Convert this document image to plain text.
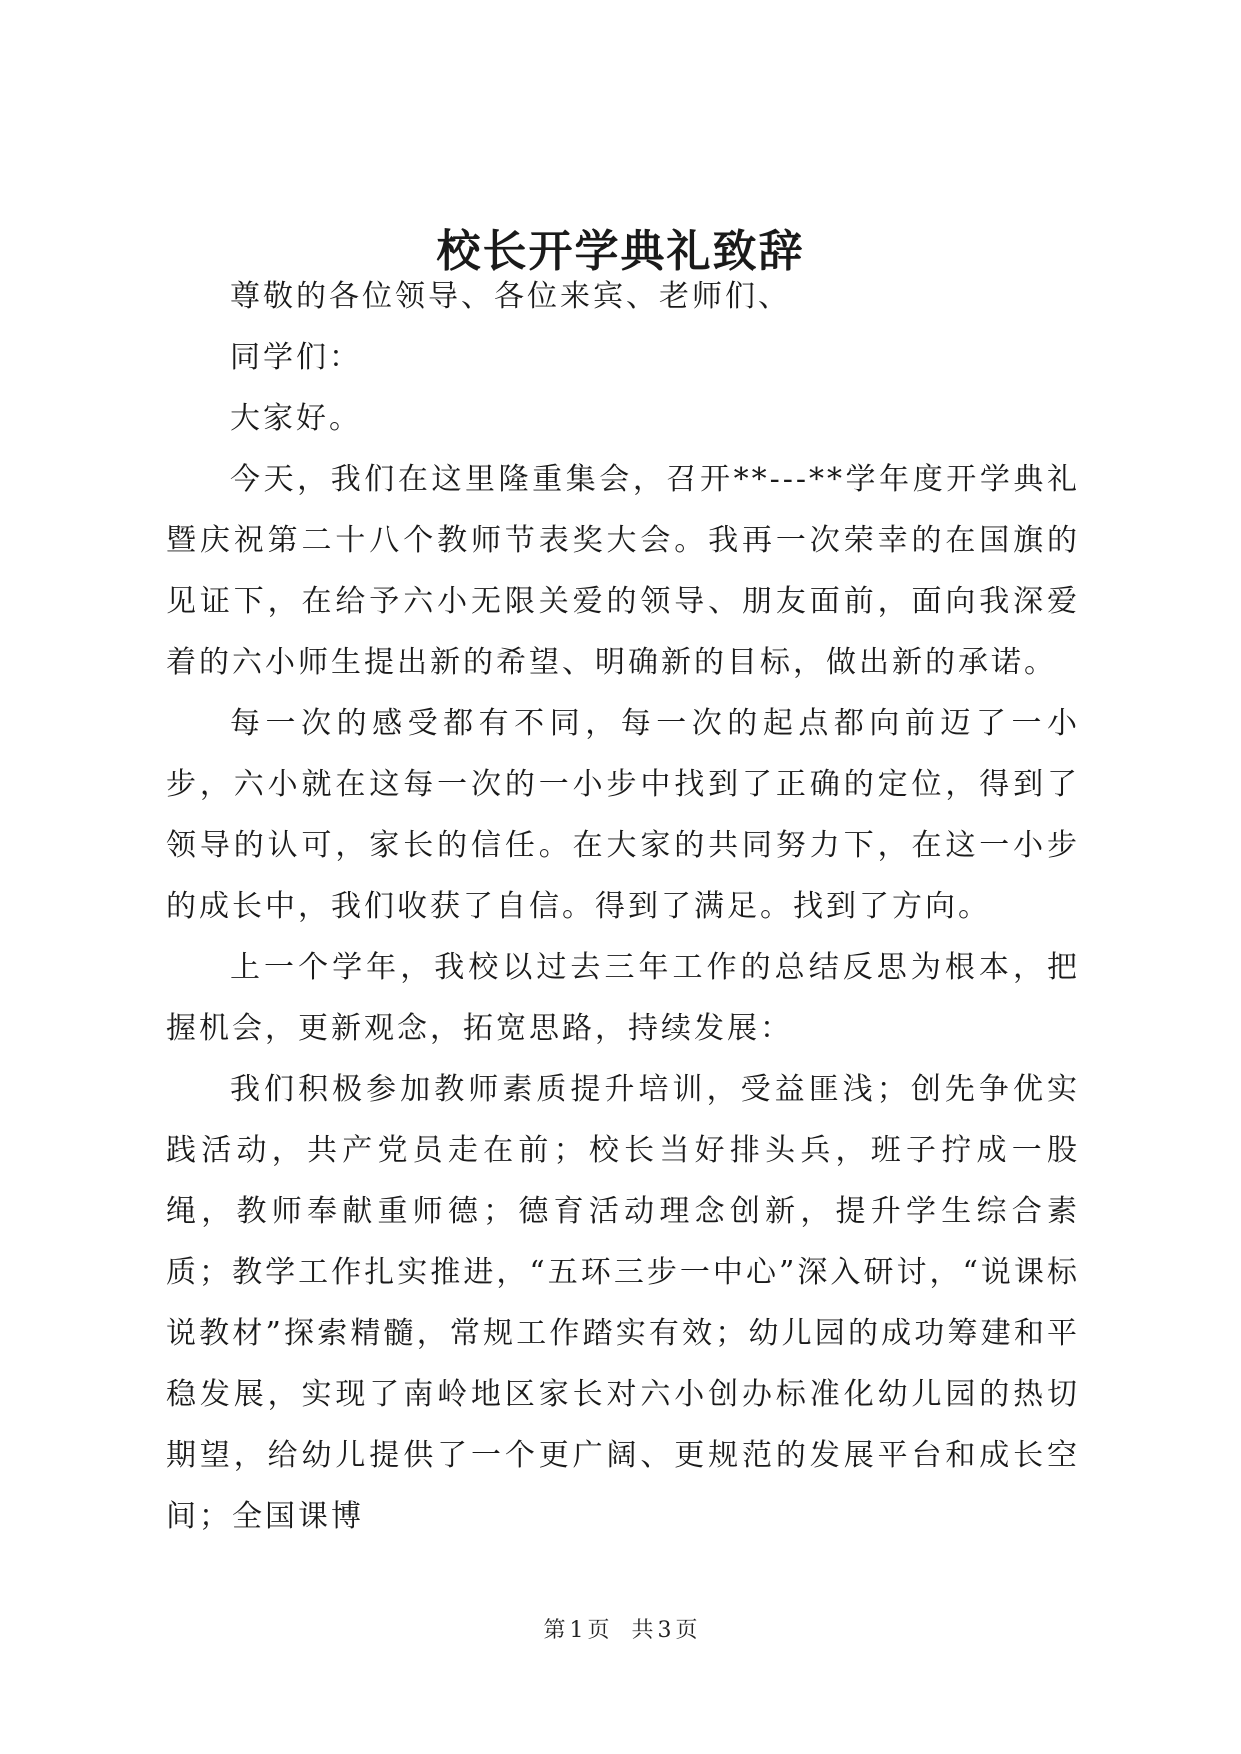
校长开学典礼致辞

尊敬的各位领导、各位来宾、老师们、

同学们：

大家好。

今天，我们在这里隆重集会，召开**---**学年度开学典礼暨庆祝第二十八个教师节表奖大会。我再一次荣幸的在国旗的见证下，在给予六小无限关爱的领导、朋友面前，面向我深爱着的六小师生提出新的希望、明确新的目标，做出新的承诺。

每一次的感受都有不同，每一次的起点都向前迈了一小步，六小就在这每一次的一小步中找到了正确的定位，得到了领导的认可，家长的信任。在大家的共同努力下，在这一小步的成长中，我们收获了自信。得到了满足。找到了方向。

上一个学年，我校以过去三年工作的总结反思为根本，把握机会，更新观念，拓宽思路，持续发展：

我们积极参加教师素质提升培训，受益匪浅；创先争优实践活动，共产党员走在前；校长当好排头兵，班子拧成一股绳，教师奉献重师德；德育活动理念创新，提升学生综合素质；教学工作扎实推进，“五环三步一中心”深入研讨，“说课标说教材”探索精髓，常规工作踏实有效；幼儿园的成功筹建和平稳发展，实现了南岭地区家长对六小创办标准化幼儿园的热切期望，给幼儿提供了一个更广阔、更规范的发展平台和成长空间；全国课博

第 1 页 共 3 页
